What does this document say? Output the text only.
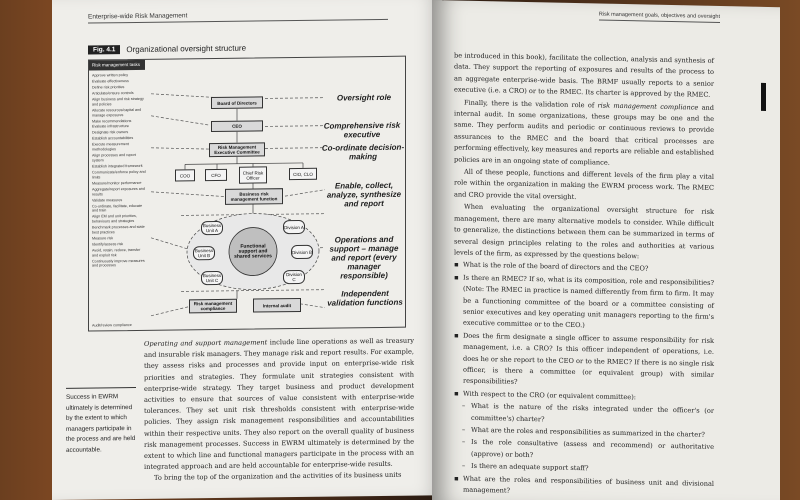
Enterprise-wide Risk Management
Fig. 4.1	Organizational oversight structure
Risk management tasks
Approve written policy
Evaluate effectiveness
Define risk priorities
Articulate/ensure controls
Align business and risk strategy and policies
Allocate resources/capital and manage exposures
Make recommendations
Evaluate infrastructure
Designate risk owners
Establish accountabilities
Execute measurement methodologies
Align processes and report system
Establish integrated framework
Communicate/enforce policy and limits
Measure/monitor performance
Aggregate/report exposures and results
Validate measures
Co-ordinate, facilitate, educate and train
Align EM and unit priorities, behaviours and strategies
Benchmark processes and state best practices
Measure risk
Identify/assess risk
Avoid, retain, reduce, transfer and exploit risk
Continuously improve measures and processes
Audit/review compliance
Board of Directors
CEO
Risk Management Executive Committee
COO	CFO	Chief Risk Officer
CIO, CLO
Business risk management function
Business Unit A
Business Unit B
Business Unit C
Division A
Division B
Division C
Functional support and shared services
Risk management compliance
Internal audit
Oversight role
Comprehensive risk executive
Co-ordinate decision-making
Enable, collect, analyze, synthesize and report
Operations and support – manage and report (every manager responsible)
Independent validation functions
Operating and support management include line operations as well as treasury and insurable risk managers. They manage risk and report results. For example, they assess risks and processes and provide input on enterprise-wide risk priorities and strategies. They formulate unit strategies consistent with enterprise-wide strategy. They target business and product development activities to ensure that sources of value consistent with enterprise-wide tolerances. They set unit risk thresholds consistent with enterprise-wide policies. They assign risk management responsibilities and accountabilities within their respective units. They also report on the overall quality of business risk management processes. Success in EWRM ultimately is determined by the extent to which line and functional managers participate in the process with an integrated approach and are held accountable for enterprise-wide results.
To bring the top of the organization and the activities of its business units
Success in EWRM ultimately is determined by the extent to which managers participate in the process and are held accountable.
Risk management goals, objectives and oversight

be introduced in this book), facilitate the collection, analysis and synthesis of data. They support the reporting of exposures and results of the process to an aggregate enterprise-wide basis. The BRMF usually reports to a senior executive (i.e. a CRO) or to the RMEC. Its charter is approved by the RMEC.

Finally, there is the validation role of risk management compliance and internal audit. In some organizations, these groups may be one and the same. They perform audits and periodic or continuous reviews to provide assurances to the RMEC and the board that critical processes are performing effectively, key measures and reports are reliable and established policies are in an ongoing state of compliance.

All of these people, functions and different levels of the firm play a vital role within the organization in making the EWRM process work. The RMEC and CRO provide the vital oversight.

When evaluating the organizational oversight structure for risk management, there are many alternative models to consider. While difficult to generalize, the distinctions between them can be summarized in terms of several design principles relating to the roles and authorities at various levels of the firm, as expressed by the questions below:

▪ What is the role of the board of directors and the CEO?
▪ Is there an RMEC? If so, what is its composition, role and responsibilities? (Note: The RMEC in practice is named differently from firm to firm. It may be a functioning committee of the board or a committee consisting of senior executives and key operating unit managers reporting to the firm's executive committee or to the CEO.)
▪ Does the firm designate a single officer to assume responsibility for risk management, i.e. a CRO? Is this officer independent of operations, i.e. does he or she report to the CEO or to the RMEC? If there is no single risk officer, is there a committee (or equivalent group) with similar responsibilities?
▪ With respect to the CRO (or equivalent committee):
– What is the nature of the risks integrated under the officer's (or committee's) charter?
– What are the roles and responsibilities as summarized in the charter?
– Is the role consultative (assess and recommend) or authoritative (approve) or both?
– Is there an adequate support staff?
▪ What are the roles and responsibilities of business unit and divisional management?
